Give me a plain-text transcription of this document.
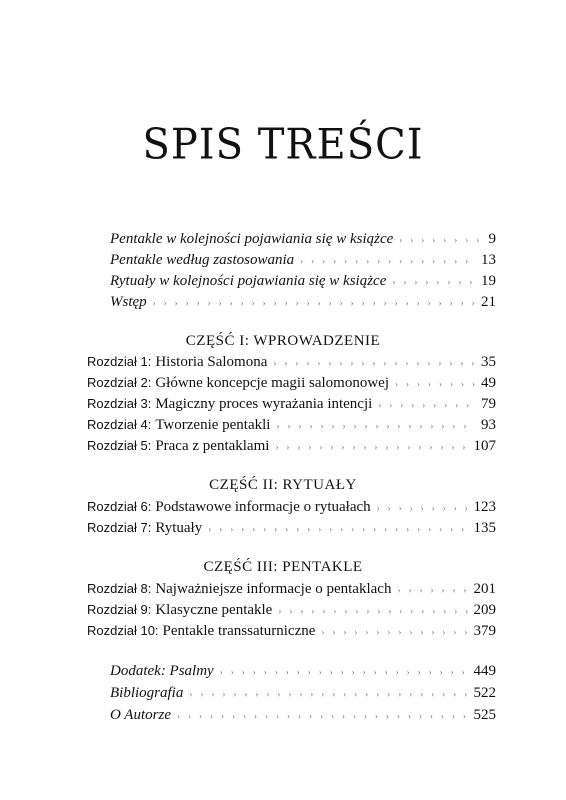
SPIS TREŚCI
Pentakle w kolejności pojawiania się w książce ›››››››››››››››››››››››››››››››››››››››››››››››››››››››››››››››››	9
Pentakle według zastosowania ›››››››››››››››››››››››››››››››››››››››››››››››››››››››››››››››››	13
Rytuały w kolejności pojawiania się w książce ›››››››››››››››››››››››››››››››››››››››››››››››››››››››››››››››››	19
Wstęp ›››››››››››››››››››››››››››››››››››››››››››››››››››››››››››››››››	21
CZĘŚĆ I: WPROWADZENIE
Rozdział 1: Historia Salomona ›››››››››››››››››››››››››››››››››››››››››››››››››››››››››››››››››	35
Rozdział 2: Główne koncepcje magii salomonowej ›››››››››››››››››››››››››››››››››››››››››››››››››››››››››››››››››	49
Rozdział 3: Magiczny proces wyrażania intencji ›››››››››››››››››››››››››››››››››››››››››››››››››››››››››››››››››	79
Rozdział 4: Tworzenie pentakli ›››››››››››››››››››››››››››››››››››››››››››››››››››››››››››››››››	93
Rozdział 5: Praca z pentaklami ›››››››››››››››››››››››››››››››››››››››››››››››››››››››››››››››››	107
CZĘŚĆ II: RYTUAŁY
Rozdział 6: Podstawowe informacje o rytuałach ›››››››››››››››››››››››››››››››››››››››››››››››››››››››››››››››››	123
Rozdział 7: Rytuały ›››››››››››››››››››››››››››››››››››››››››››››››››››››››››››››››››	135
CZĘŚĆ III: PENTAKLE
Rozdział 8: Najważniejsze informacje o pentaklach ›››››››››››››››››››››››››››››››››››››››››››››››››››››››››››››››››	201
Rozdział 9: Klasyczne pentakle ›››››››››››››››››››››››››››››››››››››››››››››››››››››››››››››››››	209
Rozdział 10: Pentakle transsaturniczne ›››››››››››››››››››››››››››››››››››››››››››››››››››››››››››››››››	379
Dodatek: Psalmy ›››››››››››››››››››››››››››››››››››››››››››››››››››››››››››››››››	449
Bibliografia ›››››››››››››››››››››››››››››››››››››››››››››››››››››››››››››››››	522
O Autorze ›››››››››››››››››››››››››››››››››››››››››››››››››››››››››››››››››	525
